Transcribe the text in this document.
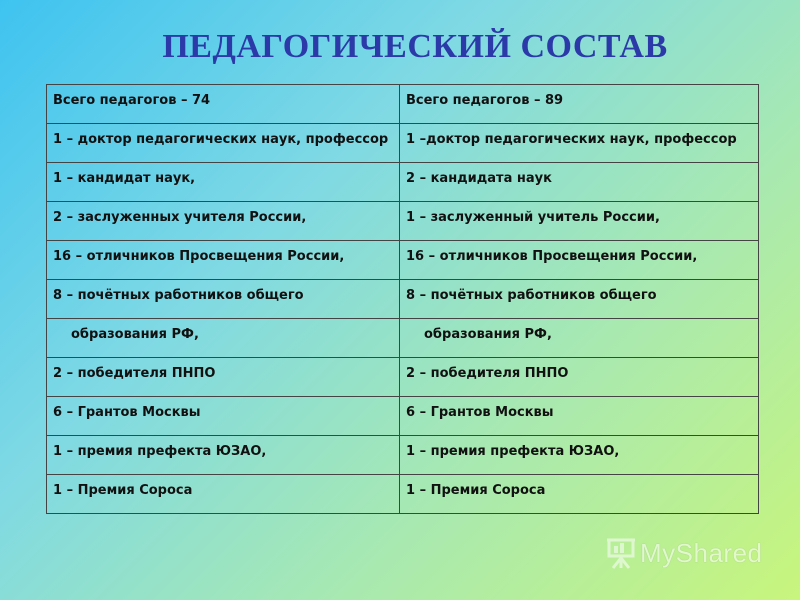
ПЕДАГОГИЧЕСКИЙ СОСТАВ
Всего педагогов – 74	Всего педагогов – 89
1 – доктор педагогических наук, профессор	1 –доктор педагогических наук, профессор
1 – кандидат наук,	2 – кандидата наук
2 – заслуженных учителя России,	1 – заслуженный учитель России,
16 – отличников Просвещения России,	16 – отличников Просвещения России,
8 – почётных работников общего	8 – почётных работников общего
образования РФ,	образования РФ,
2 – победителя ПНПО	2 – победителя ПНПО
6 – Грантов Москвы	6 – Грантов Москвы
1 – премия префекта ЮЗАО,	1 – премия префекта ЮЗАО,
1 – Премия Сороса	1 – Премия Сороса
MyShared
